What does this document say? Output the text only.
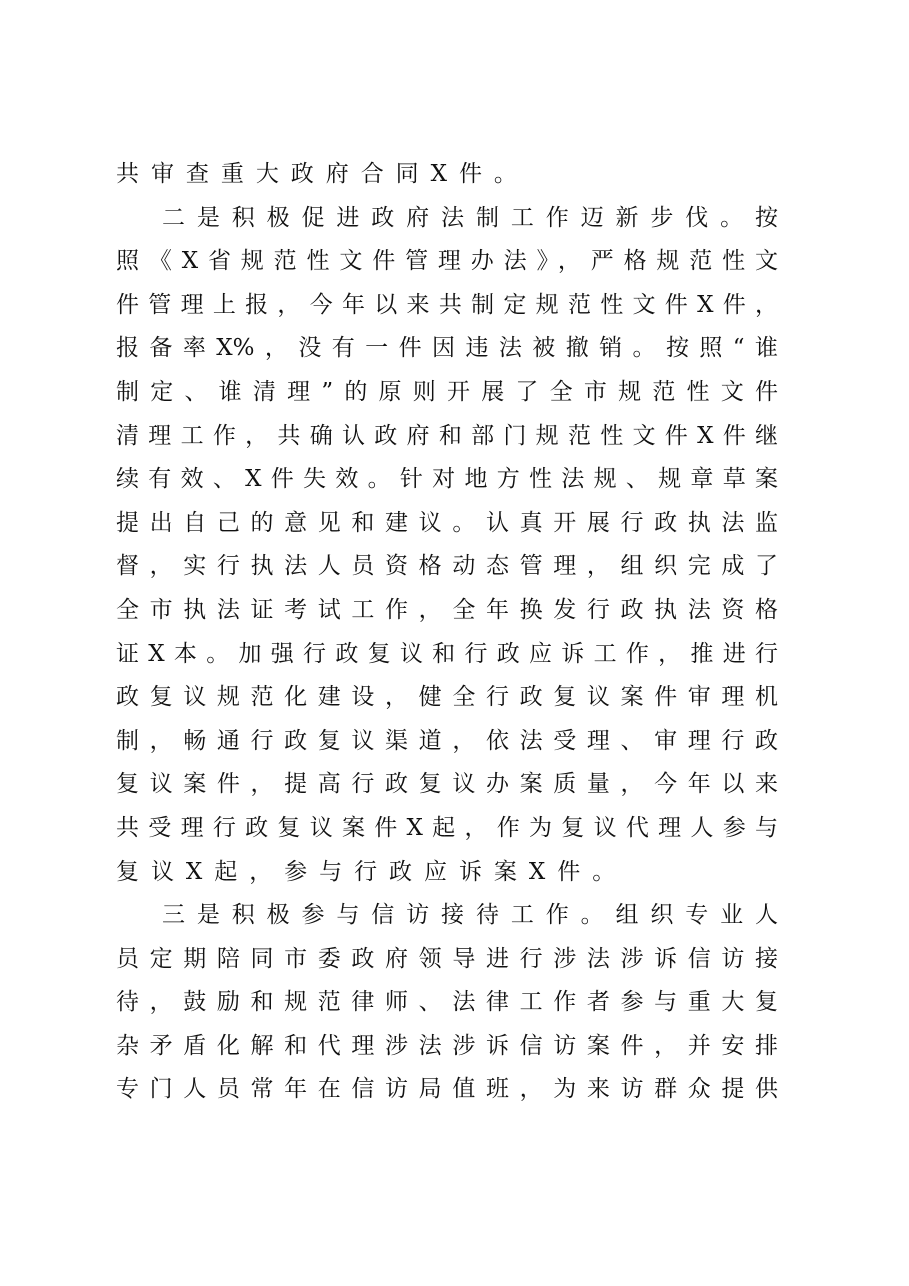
共审查重大政府合同X件。
二是积极促进政府法制工作迈新步伐。按
照《X省规范性文件管理办法》，严格规范性文
件管理上报，今年以来共制定规范性文件X件，
报备率X%，没有一件因违法被撤销。按照“谁
制定、谁清理”的原则开展了全市规范性文件
清理工作，共确认政府和部门规范性文件X件继
续有效、X件失效。针对地方性法规、规章草案
提出自己的意见和建议。认真开展行政执法监
督，实行执法人员资格动态管理，组织完成了
全市执法证考试工作，全年换发行政执法资格
证X本。加强行政复议和行政应诉工作，推进行
政复议规范化建设，健全行政复议案件审理机
制，畅通行政复议渠道，依法受理、审理行政
复议案件，提高行政复议办案质量，今年以来
共受理行政复议案件X起，作为复议代理人参与
复议X起，参与行政应诉案X件。
三是积极参与信访接待工作。组织专业人
员定期陪同市委政府领导进行涉法涉诉信访接
待，鼓励和规范律师、法律工作者参与重大复
杂矛盾化解和代理涉法涉诉信访案件，并安排
专门人员常年在信访局值班，为来访群众提供
